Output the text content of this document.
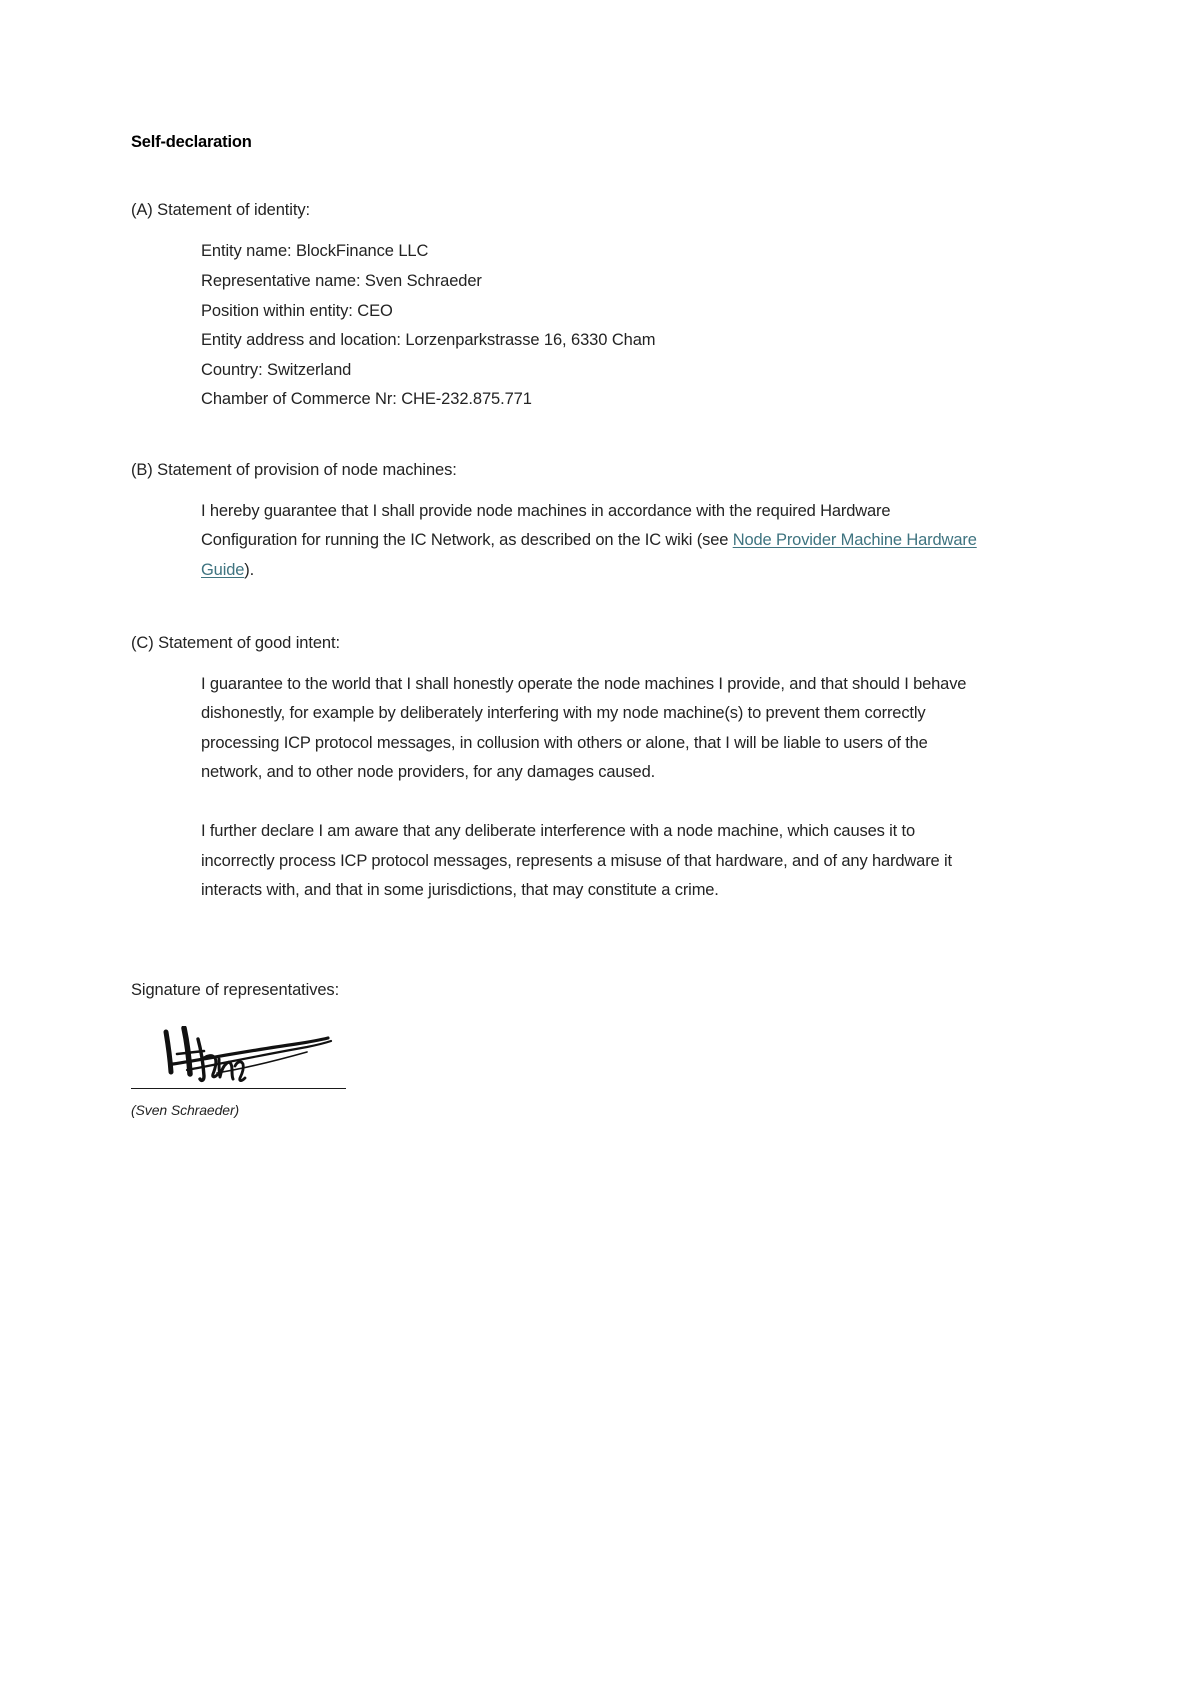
Self-declaration
(A) Statement of identity:
Entity name: BlockFinance LLC
Representative name: Sven Schraeder
Position within entity: CEO
Entity address and location: Lorzenparkstrasse 16, 6330 Cham
Country: Switzerland
Chamber of Commerce Nr: CHE-232.875.771
(B) Statement of provision of node machines:

I hereby guarantee that I shall provide node machines in accordance with the required Hardware Configuration for running the IC Network, as described on the IC wiki (see Node Provider Machine Hardware Guide).

(C) Statement of good intent:

I guarantee to the world that I shall honestly operate the node machines I provide, and that should I behave dishonestly, for example by deliberately interfering with my node machine(s) to prevent them correctly processing ICP protocol messages, in collusion with others or alone, that I will be liable to users of the network, and to other node providers, for any damages caused.

I further declare I am aware that any deliberate interference with a node machine, which causes it to incorrectly process ICP protocol messages, represents a misuse of that hardware, and of any hardware it interacts with, and that in some jurisdictions, that may constitute a crime.

Signature of representatives:
(Sven Schraeder)
